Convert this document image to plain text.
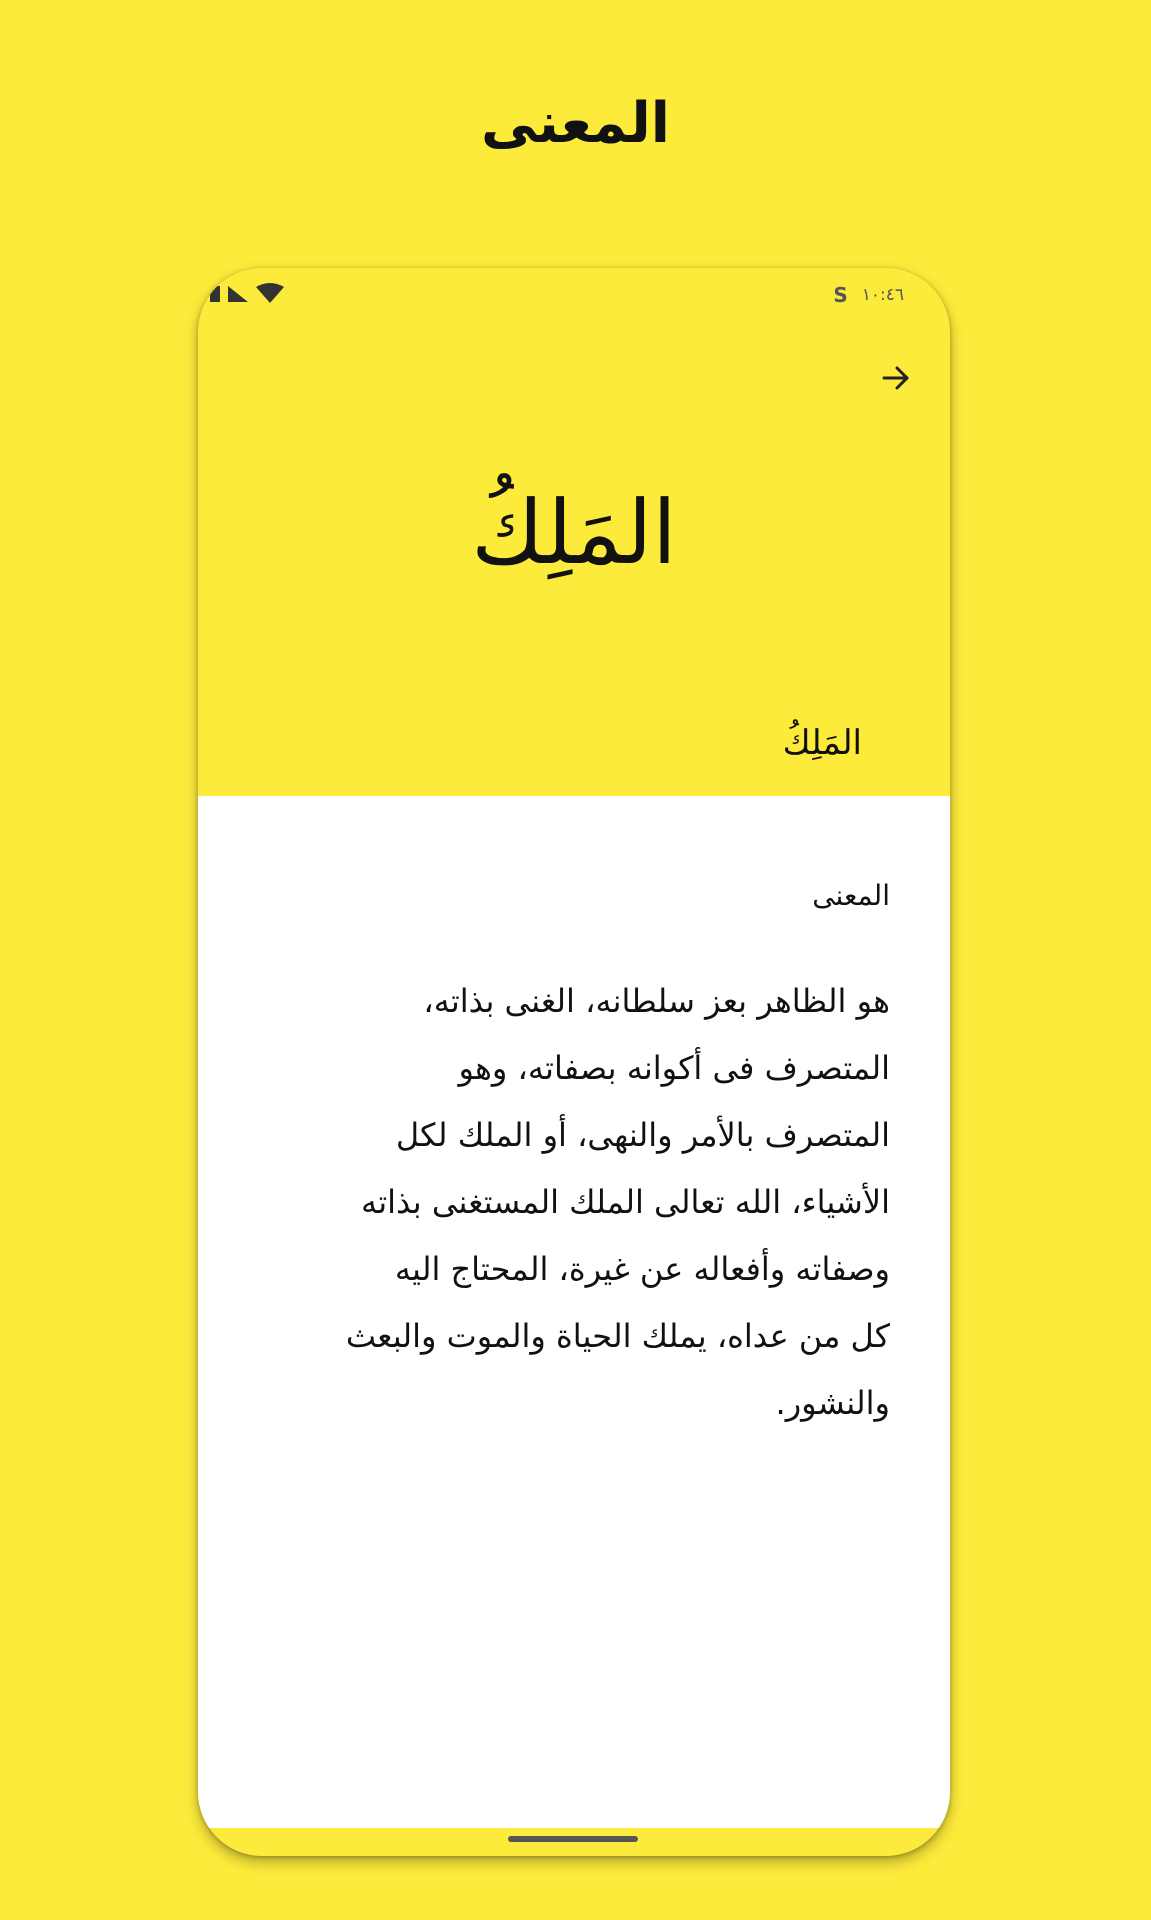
المعنى
S ١٠:٤٦
المَلِكُ
المَلِكُ
المعنى
هو الظاهر بعز سلطانه، الغنى بذاته،
المتصرف فى أكوانه بصفاته، وهو
المتصرف بالأمر والنهى، أو الملك لكل
الأشياء، الله تعالى الملك المستغنى بذاته
وصفاته وأفعاله عن غيرة، المحتاج اليه
كل من عداه، يملك الحياة والموت والبعث
والنشور.
